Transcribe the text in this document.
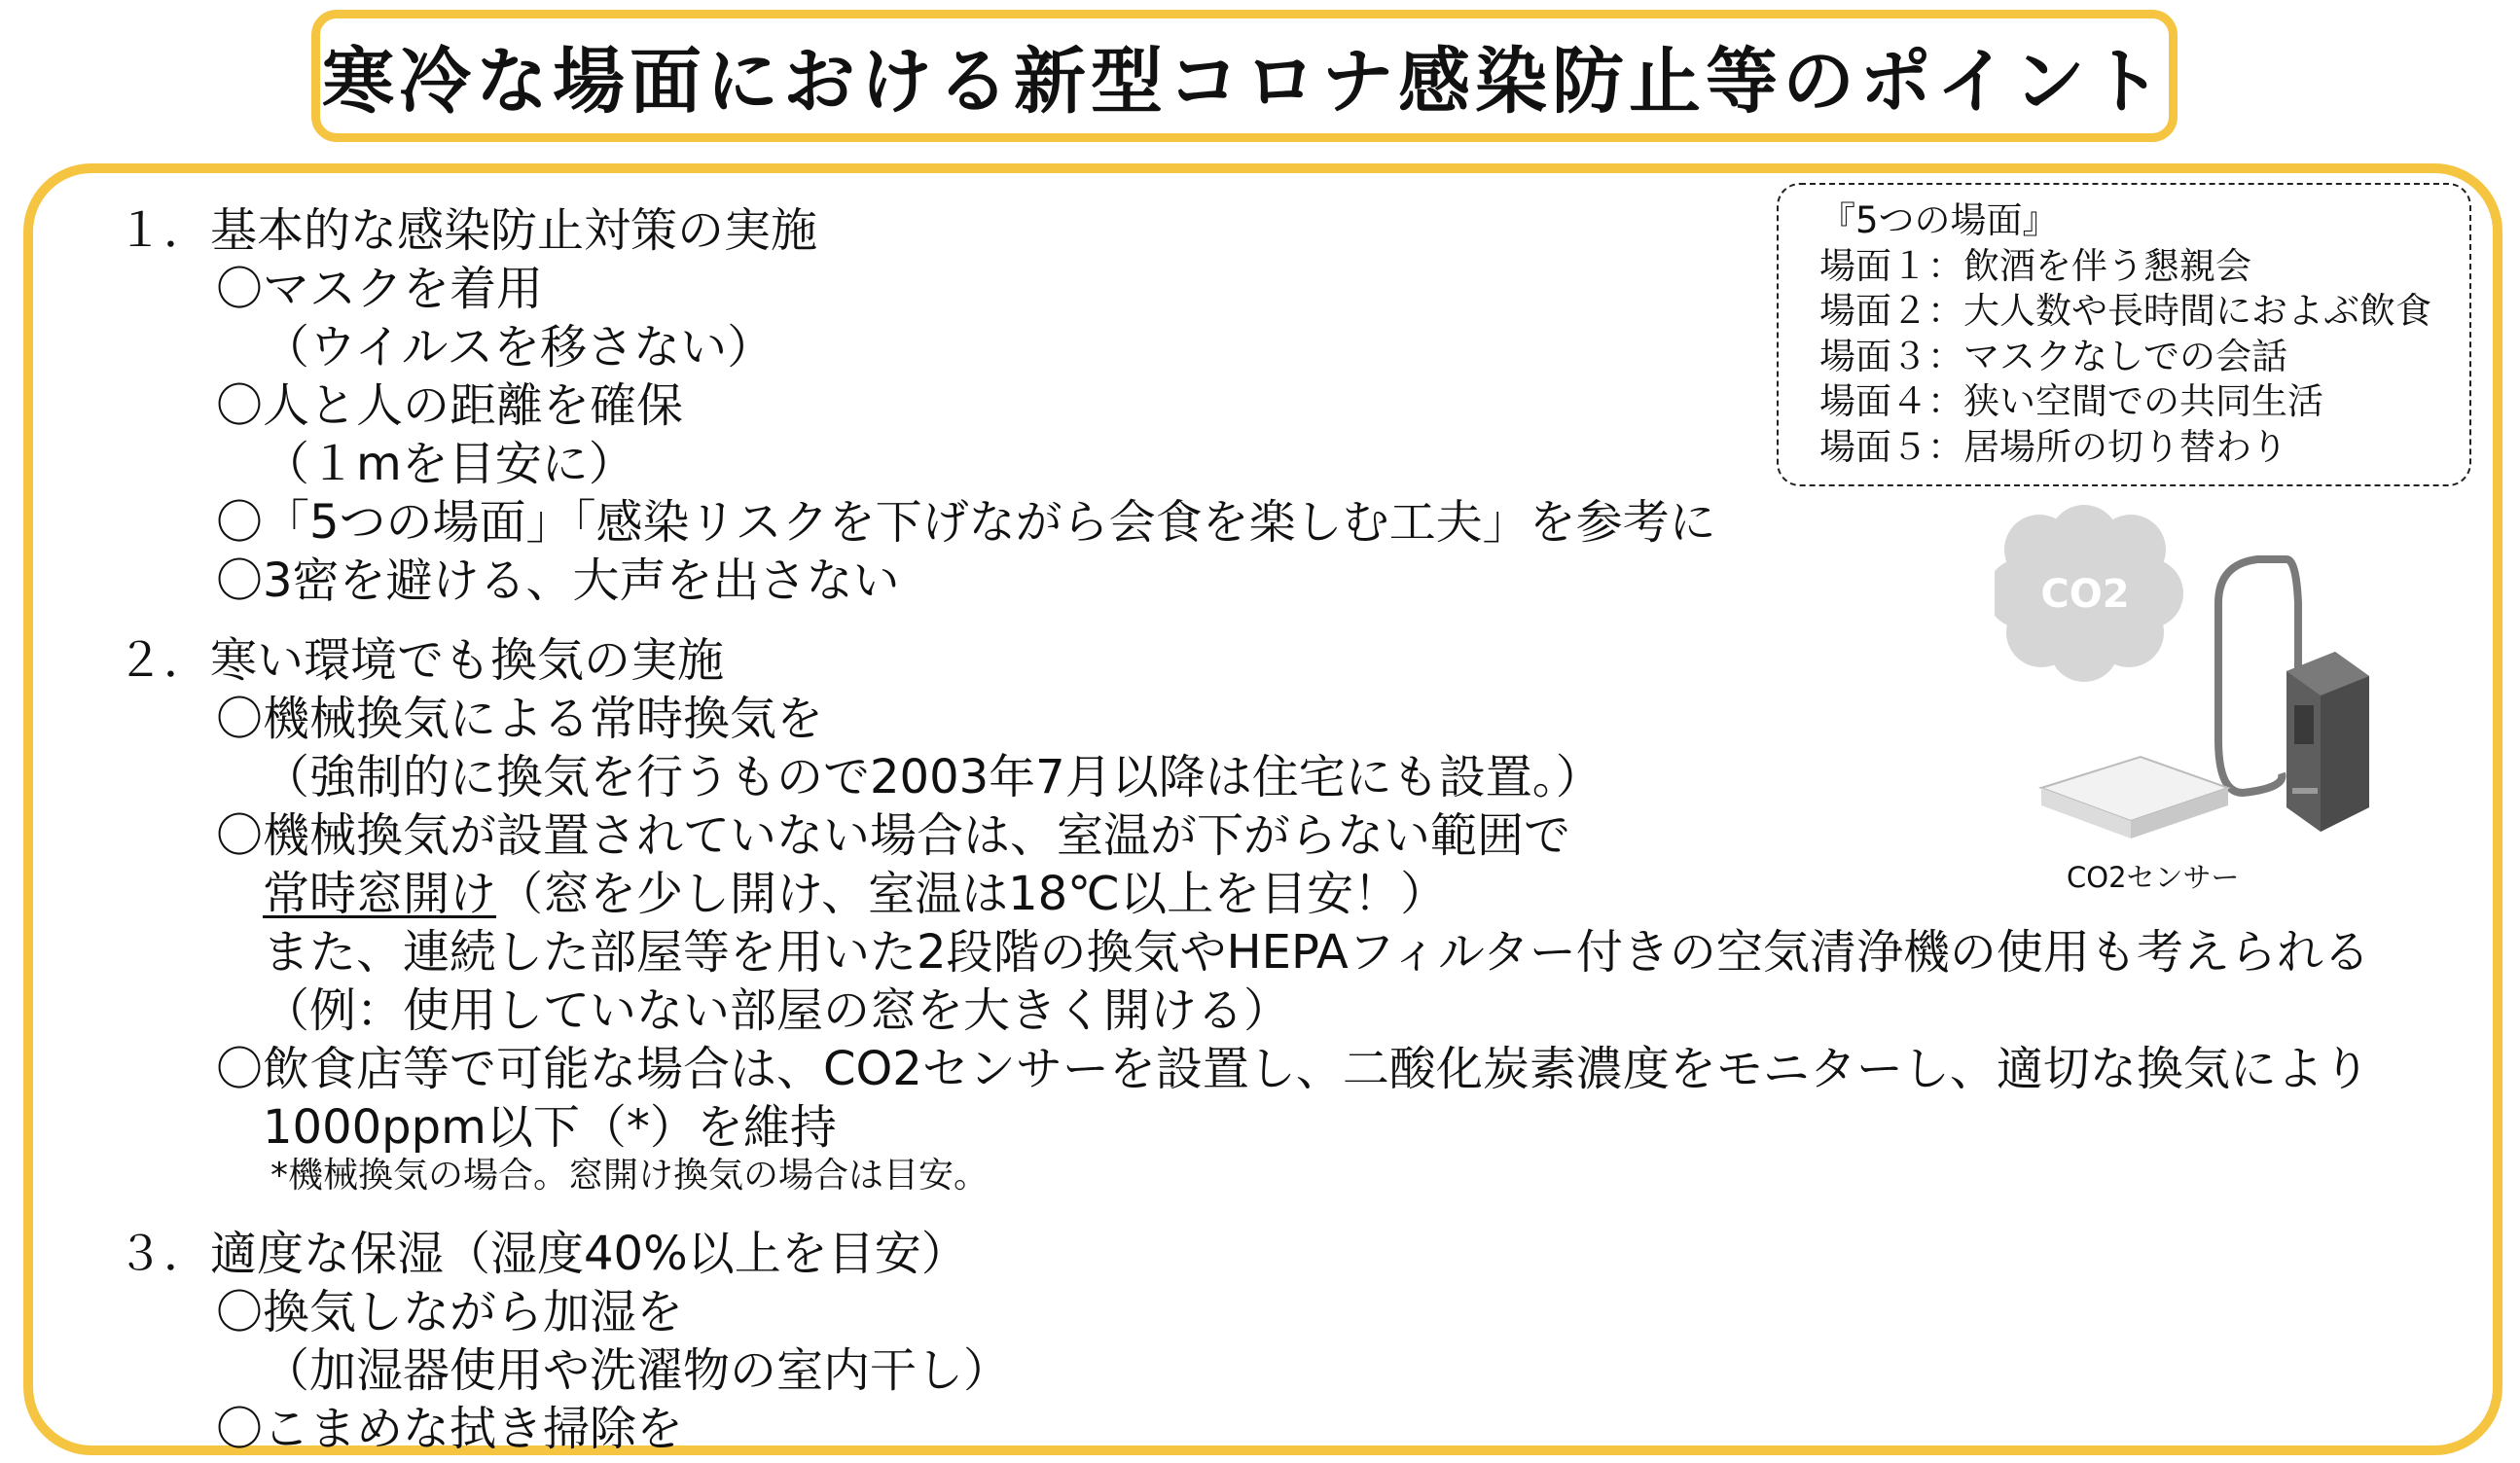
寒冷な場面における新型コロナ感染防止等のポイント
１．基本的な感染防止対策の実施
〇マスクを着用
（ウイルスを移さない）
〇人と人の距離を確保
（１mを目安に）
〇「5つの場面」「感染リスクを下げながら会食を楽しむ工夫」を参考に
〇3密を避ける、大声を出さない
２．寒い環境でも換気の実施
〇機械換気による常時換気を
（強制的に換気を行うもので2003年7月以降は住宅にも設置。）
〇機械換気が設置されていない場合は、室温が下がらない範囲で
常時窓開け（窓を少し開け、室温は18℃以上を目安！）
また、連続した部屋等を用いた2段階の換気やHEPAフィルター付きの空気清浄機の使用も考えられる
（例：使用していない部屋の窓を大きく開ける）
〇飲食店等で可能な場合は、CO2センサーを設置し、二酸化炭素濃度をモニターし、適切な換気により
1000ppm以下（*）を維持
*機械換気の場合。窓開け換気の場合は目安。
３．適度な保湿（湿度40%以上を目安）
〇換気しながら加湿を
（加湿器使用や洗濯物の室内干し）
〇こまめな拭き掃除を
『5つの場面』
場面１：飲酒を伴う懇親会
場面２：大人数や長時間におよぶ飲食
場面３：マスクなしでの会話
場面４：狭い空間での共同生活
場面５：居場所の切り替わり
CO2
CO2センサー
